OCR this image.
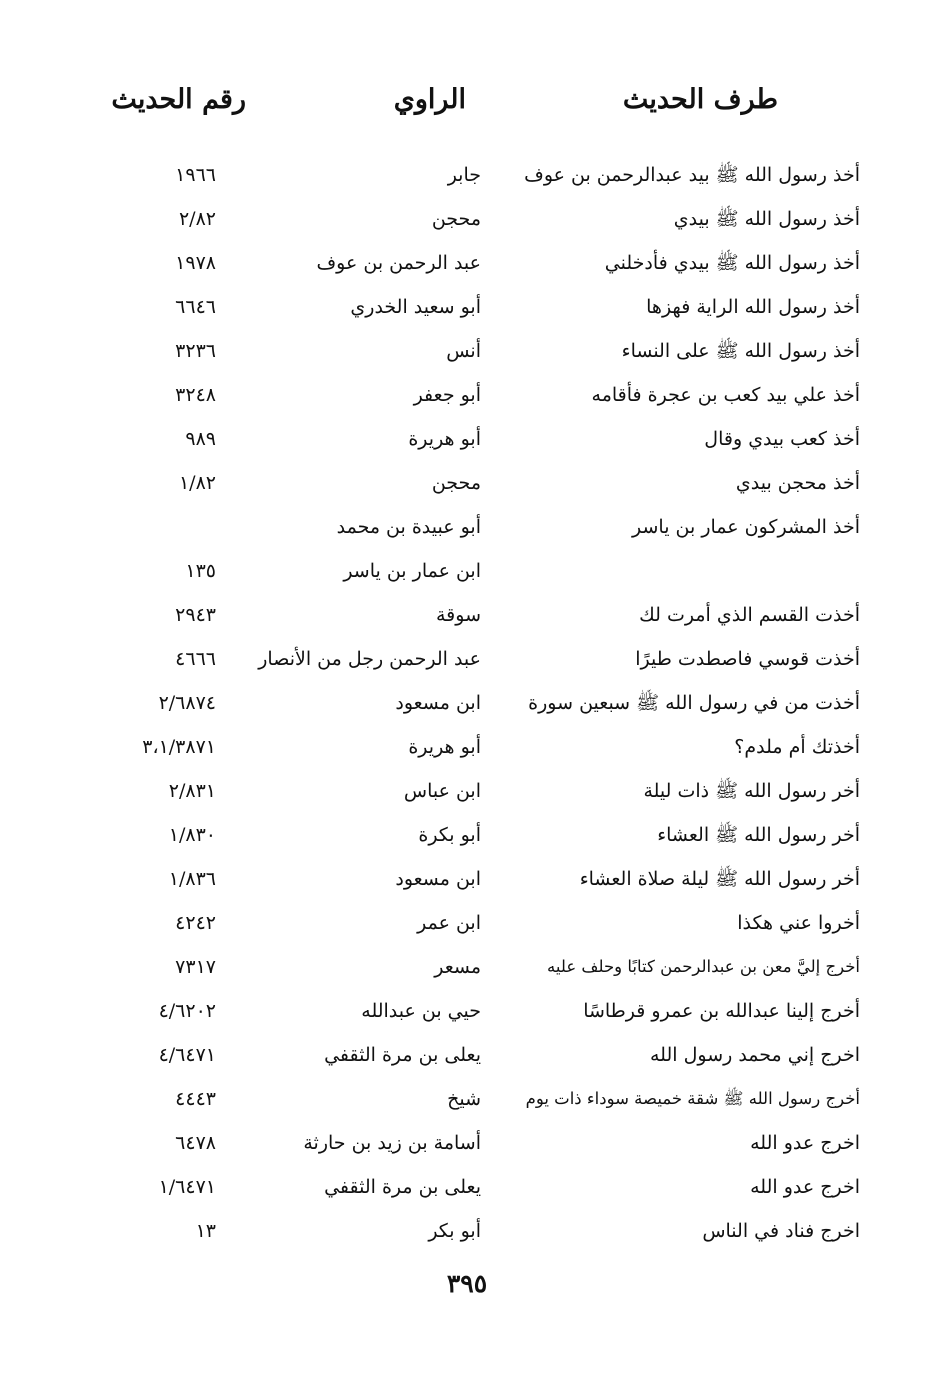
طرف الحديث
الراوي
رقم الحديث
أخذ رسول الله ﷺ بيد عبدالرحمن بن عوف
جابر
١٩٦٦
أخذ رسول الله ﷺ بيدي
محجن
٢/٨٢
أخذ رسول الله ﷺ بيدي فأدخلني
عبد الرحمن بن عوف
١٩٧٨
أخذ رسول الله الراية فهزها
أبو سعيد الخدري
٦٦٤٦
أخذ رسول الله ﷺ على النساء
أنس
٣٢٣٦
أخذ علي بيد كعب بن عجرة فأقامه
أبو جعفر
٣٢٤٨
أخذ كعب بيدي وقال
أبو هريرة
٩٨٩
أخذ محجن بيدي
محجن
١/٨٢
أخذ المشركون عمار بن ياسر
أبو عبيدة بن محمد
ابن عمار بن ياسر
١٣٥
أخذت القسم الذي أمرت لك
سوقة
٢٩٤٣
أخذت قوسي فاصطدت طيرًا
عبد الرحمن رجل من الأنصار
٤٦٦٦
أخذت من في رسول الله ﷺ سبعين سورة
ابن مسعود
٢/٦٨٧٤
أخذتك أم ملدم؟
أبو هريرة
٣،١/٣٨٧١
أخر رسول الله ﷺ ذات ليلة
ابن عباس
٢/٨٣١
أخر رسول الله ﷺ العشاء
أبو بكرة
١/٨٣٠
أخر رسول الله ﷺ ليلة صلاة العشاء
ابن مسعود
١/٨٣٦
أخروا عني هكذا
ابن عمر
٤٢٤٢
أخرج إليَّ معن بن عبدالرحمن كتابًا وحلف عليه
مسعر
٧٣١٧
أخرج إلينا عبدالله بن عمرو قرطاسًا
حيي بن عبدالله
٤/٦٢٠٢
اخرج إني محمد رسول الله
يعلى بن مرة الثقفي
٤/٦٤٧١
أخرج رسول الله ﷺ شقة خميصة سوداء ذات يوم
شيخ
٤٤٤٣
اخرج عدو الله
أسامة بن زيد بن حارثة
٦٤٧٨
اخرج عدو الله
يعلى بن مرة الثقفي
١/٦٤٧١
اخرج فناد في الناس
أبو بكر
١٣
٣٩٥
